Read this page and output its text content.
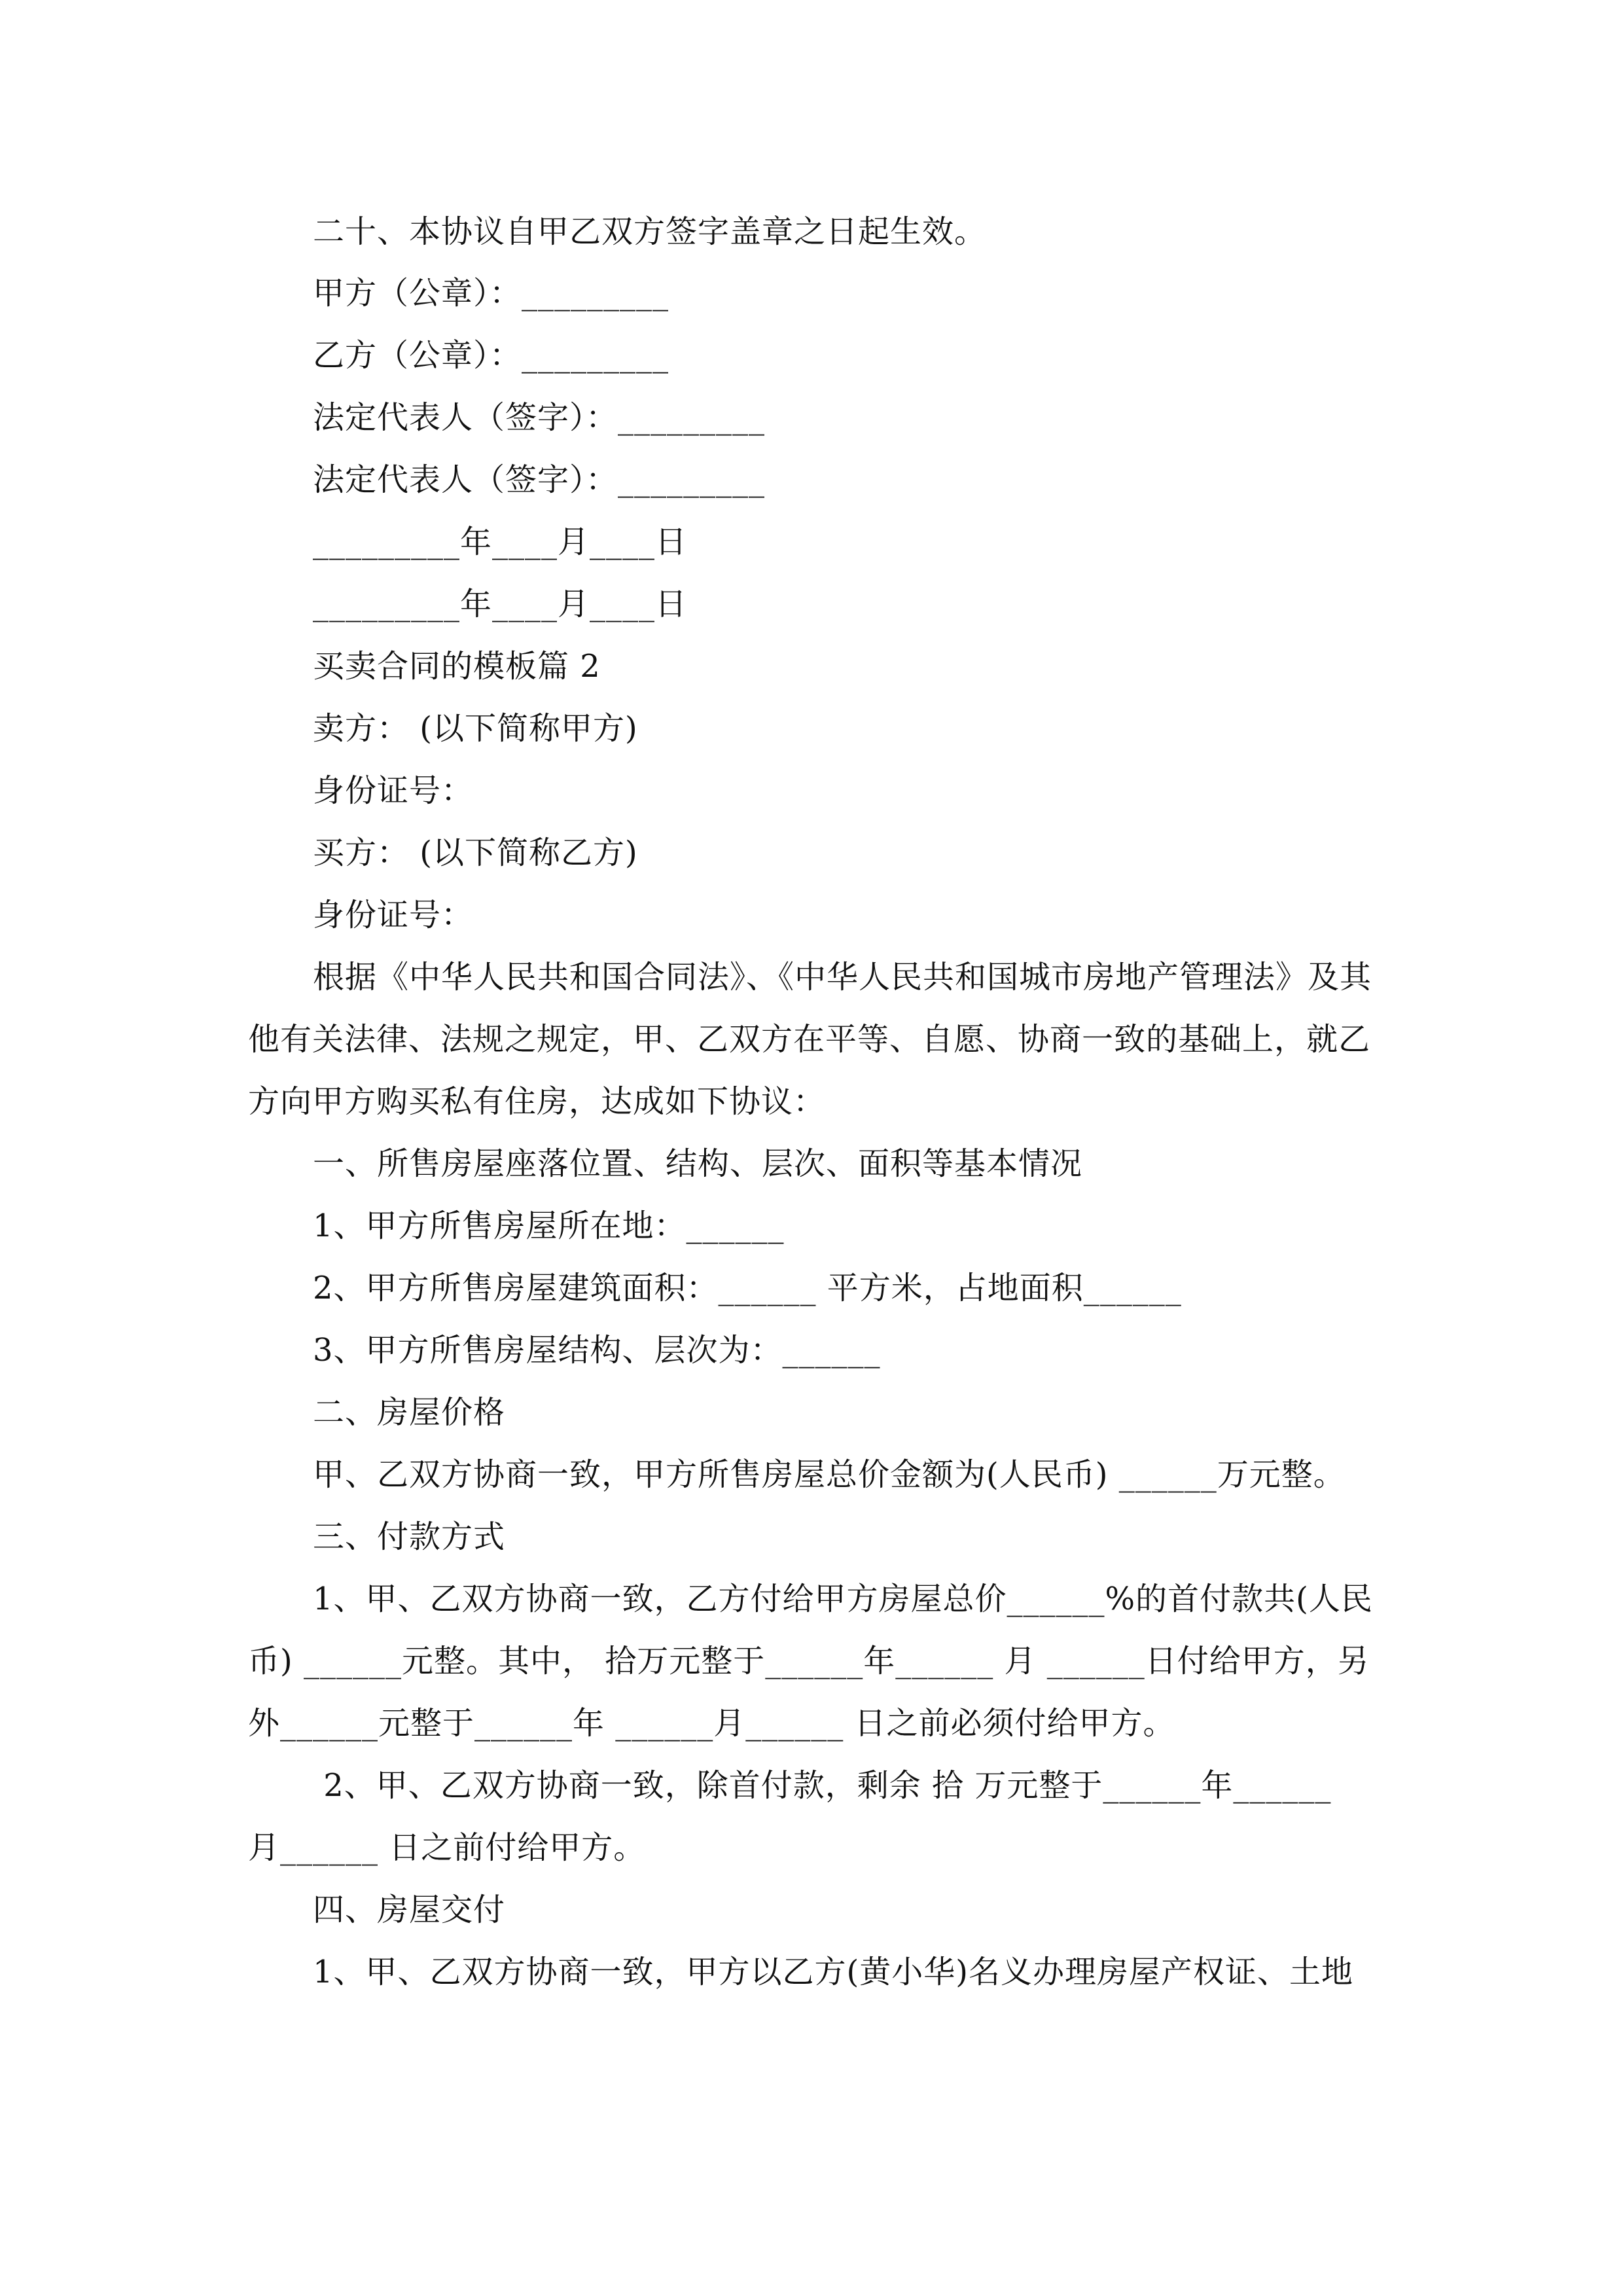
二十、本协议自甲乙双方签字盖章之日起生效。
甲方（公章）：_________
乙方（公章）：_________
法定代表人（签字）：_________
法定代表人（签字）：_________
_________年____月____日
_________年____月____日
买卖合同的模板篇 2
卖方： (以下简称甲方)
身份证号：
买方： (以下简称乙方)
身份证号：
根据《中华人民共和国合同法》、《中华人民共和国城市房地产管理法》及其
他有关法律、法规之规定，甲、乙双方在平等、自愿、协商一致的基础上，就乙
方向甲方购买私有住房，达成如下协议：
一、所售房屋座落位置、结构、层次、面积等基本情况
1、甲方所售房屋所在地：______
2、甲方所售房屋建筑面积：______ 平方米，占地面积______
3、甲方所售房屋结构、层次为：______
二、房屋价格
甲、乙双方协商一致，甲方所售房屋总价金额为(人民币) ______万元整。
三、付款方式
1、甲、乙双方协商一致，乙方付给甲方房屋总价______%的首付款共(人民
币) ______元整。其中， 拾万元整于______年______ 月 ______日付给甲方，另
外______元整于______年 ______月______ 日之前必须付给甲方。
2、甲、乙双方协商一致，除首付款，剩余 拾 万元整于______年______
月______ 日之前付给甲方。
四、房屋交付
1、甲、乙双方协商一致，甲方以乙方(黄小华)名义办理房屋产权证、土地
